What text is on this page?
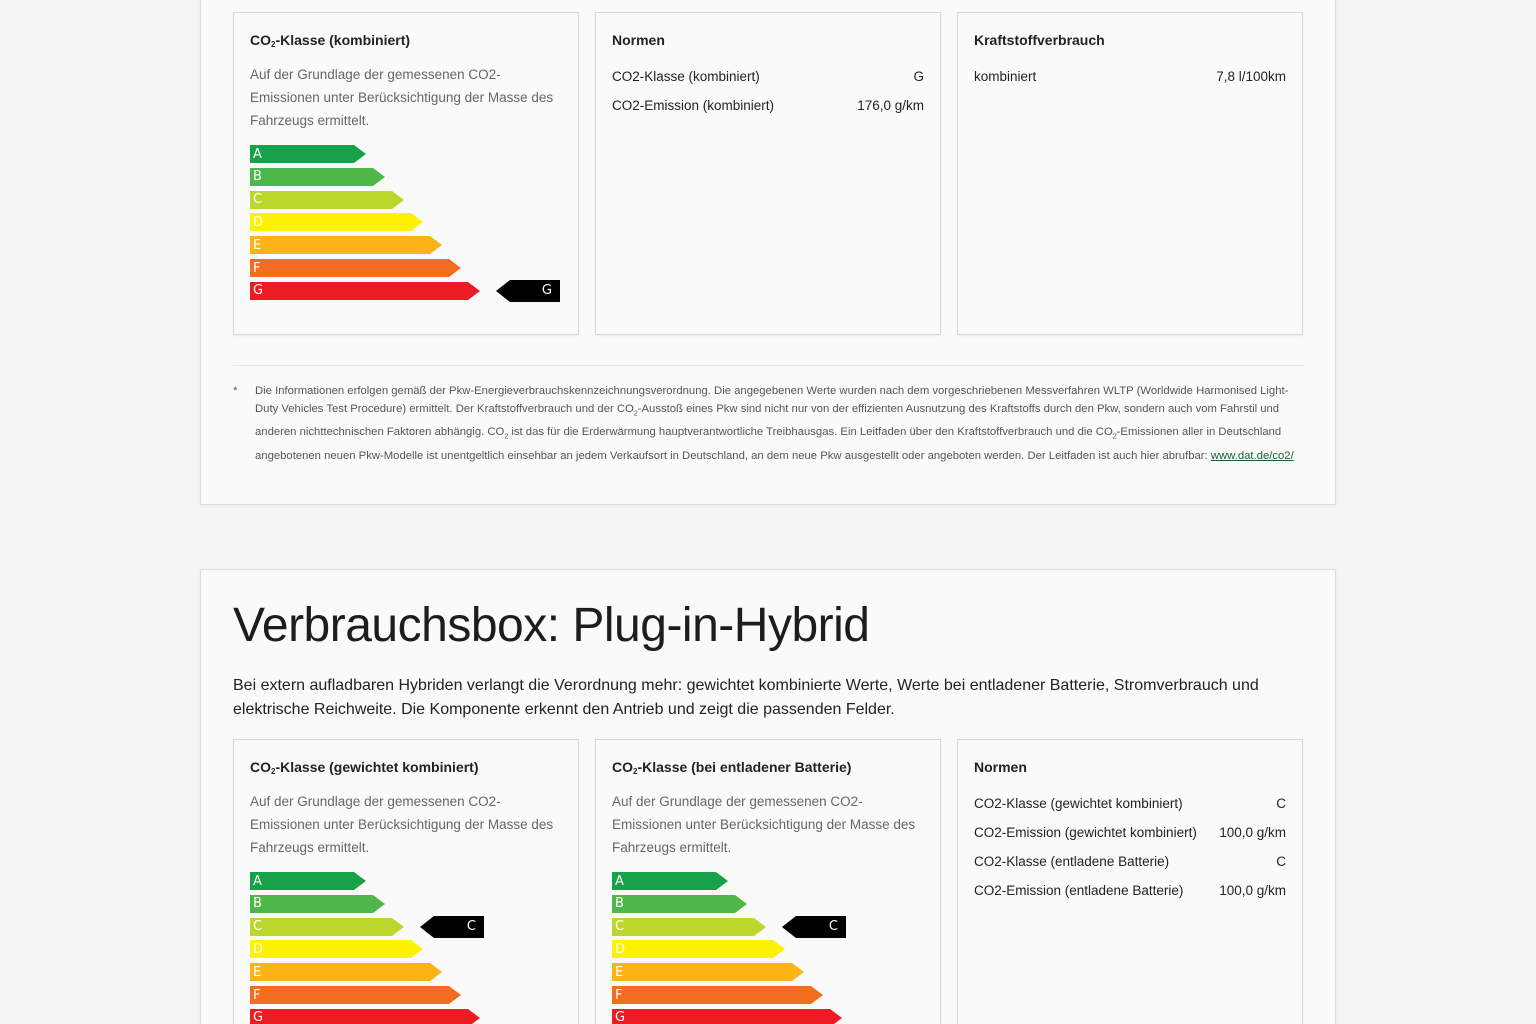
$CO_2$-Klasse (kombiniert)
Auf der Grundlage der gemessenen CO2-Emissionen unter Berücksichtigung der Masse des Fahrzeugs ermittelt.
A
B
C
D
E
F
G	G
Normen
CO2-Klasse (kombiniert)	G
CO2-Emission (kombiniert)	176,0 g/km
Kraftstoffverbrauch
kombiniert	7,8 l/100km
* Die Informationen erfolgen gemäß der Pkw-Energieverbrauchskennzeichnungsverordnung. Die angegebenen Werte wurden nach dem vorgeschriebenen Messverfahren WLTP (Worldwide Harmonised Light-Duty Vehicles Test Procedure) ermittelt. Der Kraftstoffverbrauch und der $CO_2$-Ausstoß eines Pkw sind nicht nur von der effizienten Ausnutzung des Kraftstoffs durch den Pkw, sondern auch vom Fahrstil und anderen nichttechnischen Faktoren abhängig. $CO_2$ ist das für die Erderwärmung hauptverantwortliche Treibhausgas. Ein Leitfaden über den Kraftstoffverbrauch und die $CO_2$-Emissionen aller in Deutschland angebotenen neuen Pkw-Modelle ist unentgeltlich einsehbar an jedem Verkaufsort in Deutschland, an dem neue Pkw ausgestellt oder angeboten werden. Der Leitfaden ist auch hier abrufbar: www.dat.de/co2/
Verbrauchsbox: Plug-in-Hybrid
Bei extern aufladbaren Hybriden verlangt die Verordnung mehr: gewichtet kombinierte Werte, Werte bei entladener Batterie, Stromverbrauch und elektrische Reichweite. Die Komponente erkennt den Antrieb und zeigt die passenden Felder.
$CO_2$-Klasse (gewichtet kombiniert)
Auf der Grundlage der gemessenen CO2-Emissionen unter Berücksichtigung der Masse des Fahrzeugs ermittelt.
A
B
C	C
D
E
F
G
$CO_2$-Klasse (bei entladener Batterie)
Auf der Grundlage der gemessenen CO2-Emissionen unter Berücksichtigung der Masse des Fahrzeugs ermittelt.
A
B
C	C
D
E
F
G
Normen
CO2-Klasse (gewichtet kombiniert)	C
CO2-Emission (gewichtet kombiniert) 100,0 g/km
CO2-Klasse (entladene Batterie)	C
CO2-Emission (entladene Batterie)	100,0 g/km
